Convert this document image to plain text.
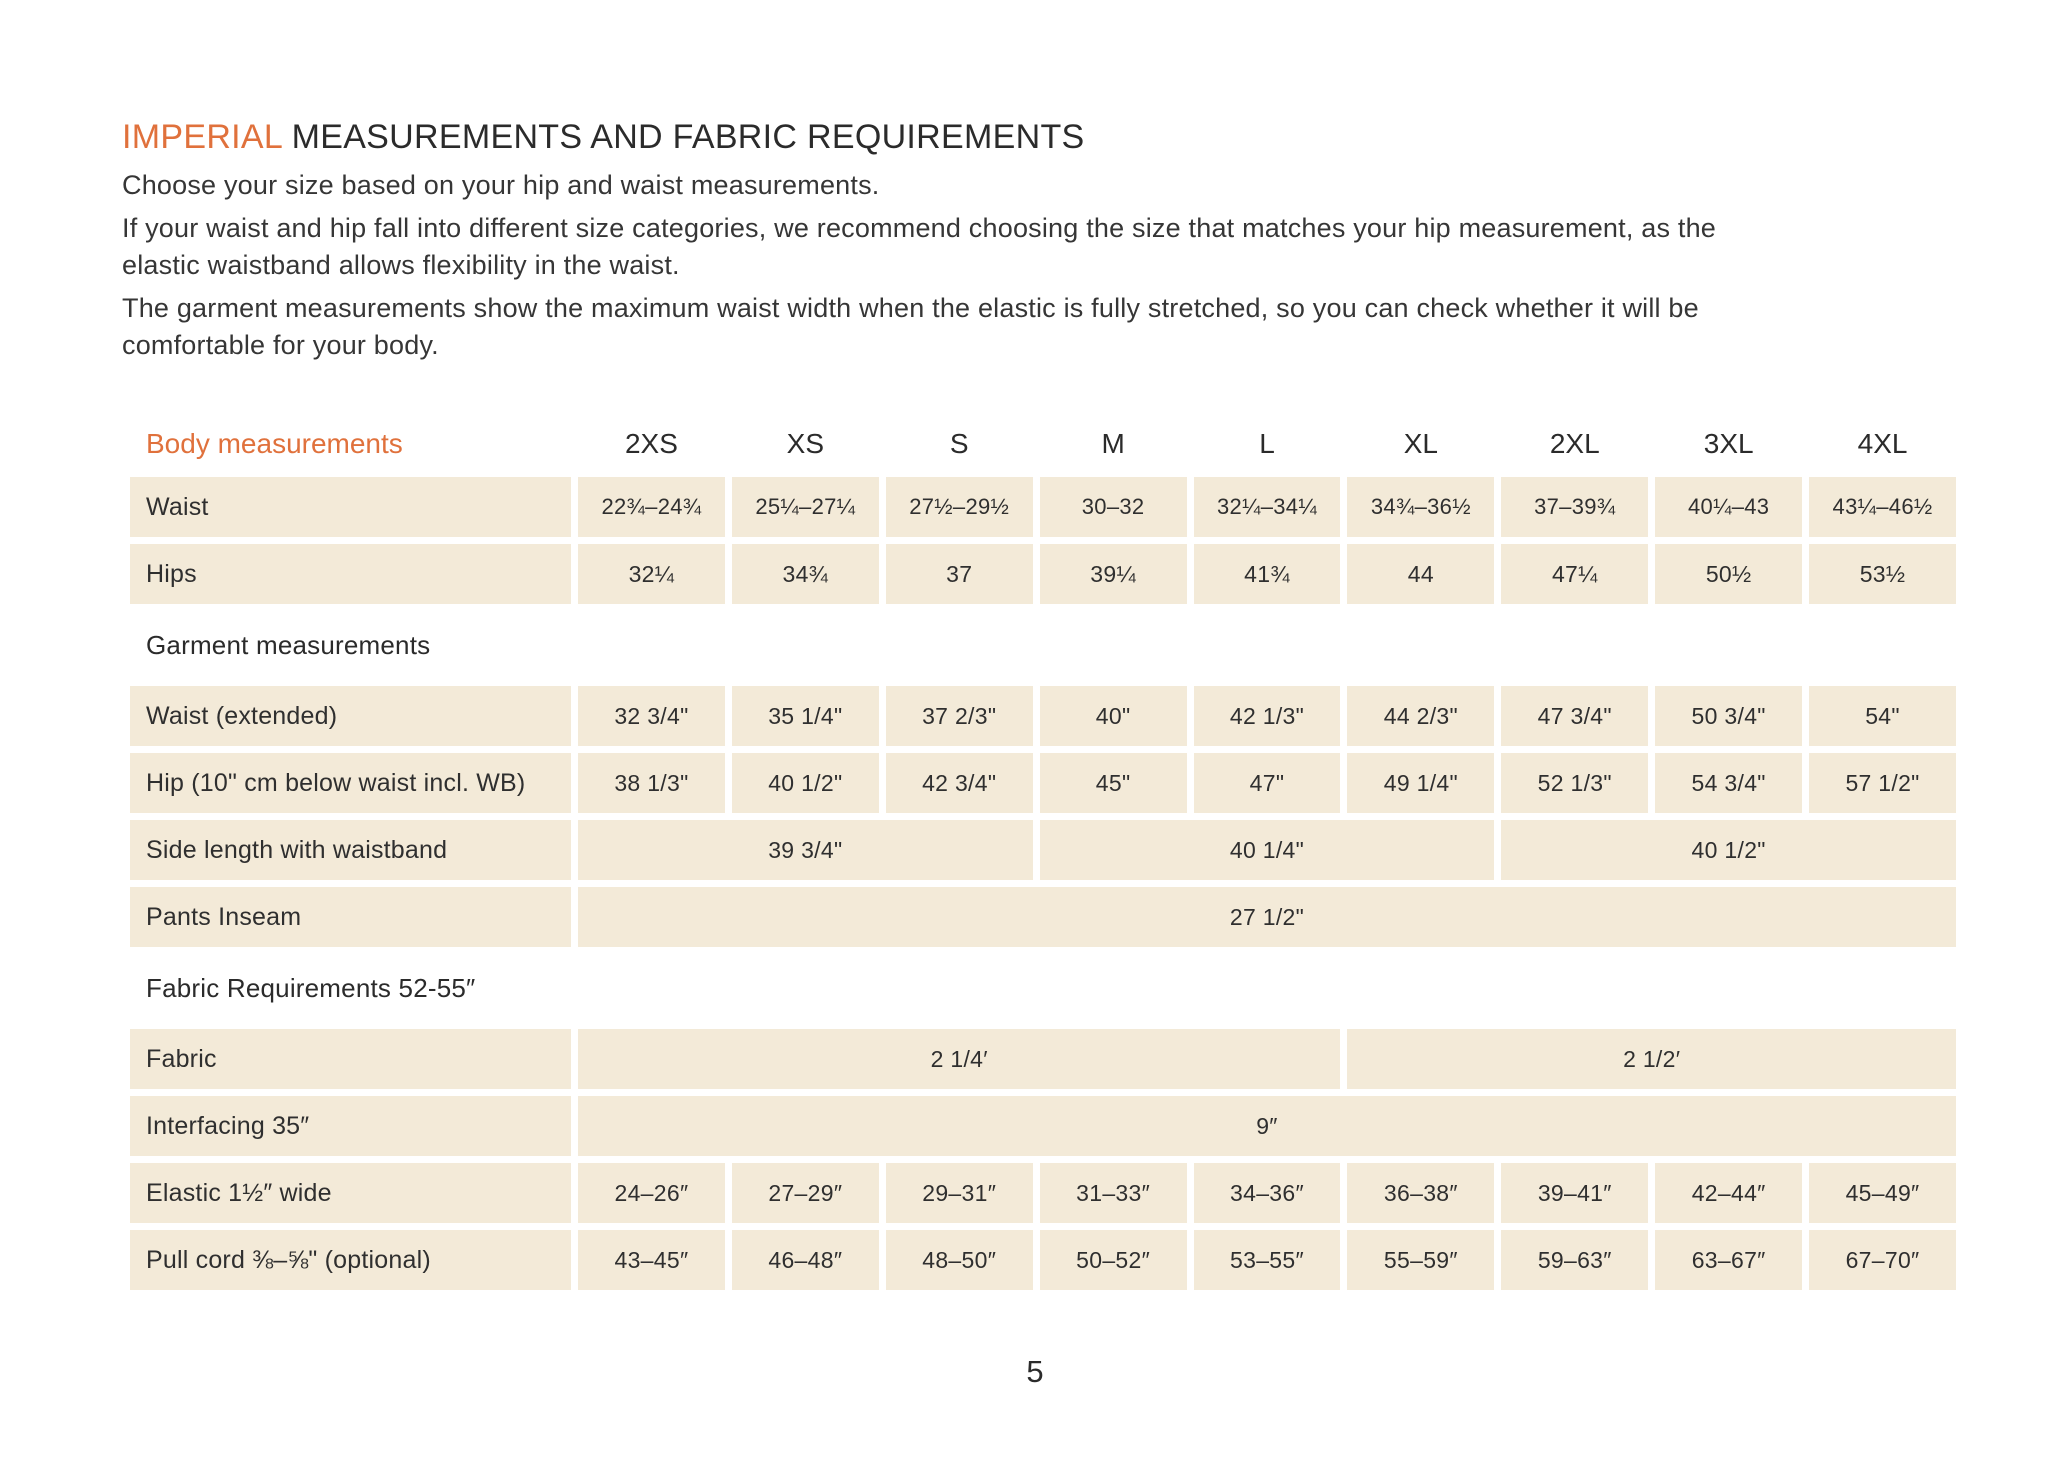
IMPERIAL MEASUREMENTS AND FABRIC REQUIREMENTS
Choose your size based on your hip and waist measurements.
If your waist and hip fall into different size categories, we recommend choosing the size that matches your hip measurement, as the
elastic waistband allows flexibility in the waist.
The garment measurements show the maximum waist width when the elastic is fully stretched, so you can check whether it will be
comfortable for your body.
Body measurements	2XS	XS	S	M	L	XL	2XL	3XL	4XL
Waist	22¾–24¾	25¼–27¼	27½–29½	30–32	32¼–34¼	34¾–36½	37–39¾	40¼–43	43¼–46½
Hips	32¼	34¾	37	39¼	41¾	44	47¼	50½	53½
Garment measurements
Waist (extended)	32 3/4"	35 1/4"	37 2/3"	40"	42 1/3"	44 2/3"	47 3/4"	50 3/4"	54"
Hip (10" cm below waist incl. WB)	38 1/3"	40 1/2"	42 3/4"	45"	47"	49 1/4"	52 1/3"	54 3/4"	57 1/2"
Side length with waistband	39 3/4"	40 1/4"	40 1/2"
Pants Inseam	27 1/2"
Fabric Requirements 52-55″
Fabric	2 1/4′	2 1/2′
Interfacing 35″	9″
Elastic 1½″ wide	24–26″	27–29″	29–31″	31–33″	34–36″	36–38″	39–41″	42–44″	45–49″
Pull cord ⅜–⅝" (optional)	43–45″	46–48″	48–50″	50–52″	53–55″	55–59″	59–63″	63–67″	67–70″
5
